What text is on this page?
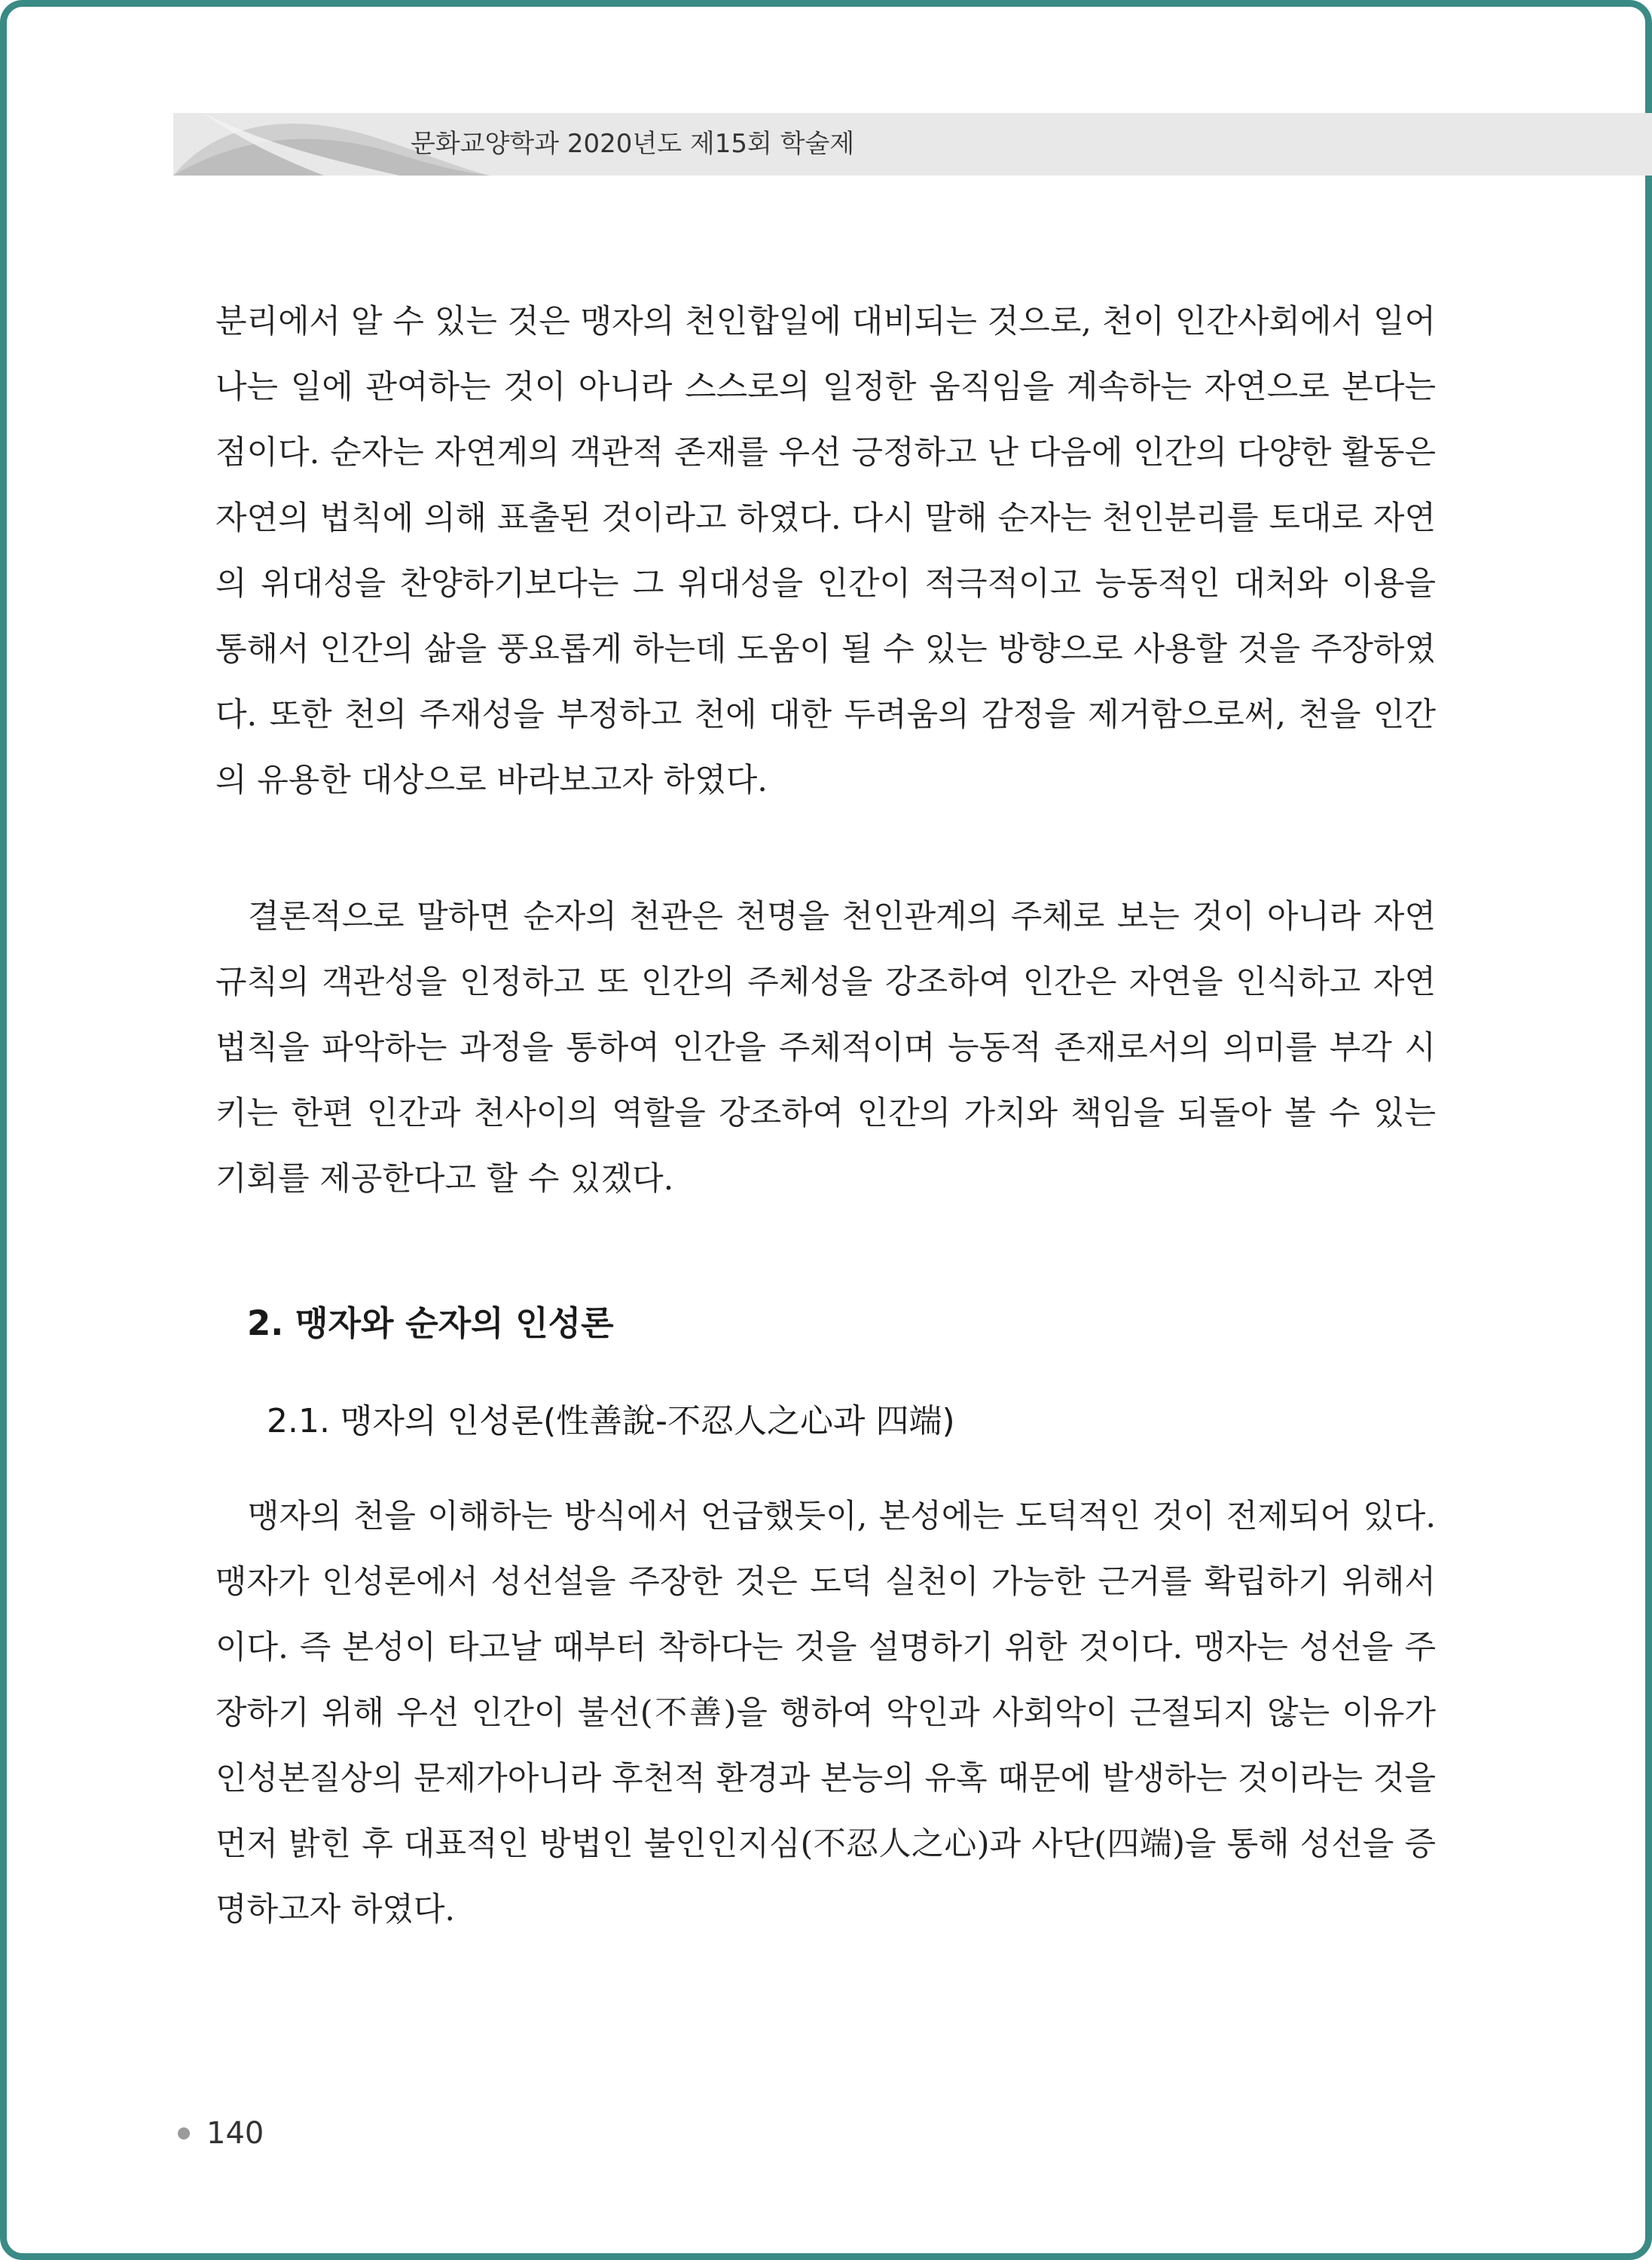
문화교양학과 2020년도 제15회 학술제
분리에서 알 수 있는 것은 맹자의 천인합일에 대비되는 것으로, 천이 인간사회에서 일어나는 일에 관여하는 것이 아니라 스스로의 일정한 움직임을 계속하는 자연으로 본다는 점이다. 순자는 자연계의 객관적 존재를 우선 긍정하고 난 다음에 인간의 다양한 활동은 자연의 법칙에 의해 표출된 것이라고 하였다. 다시 말해 순자는 천인분리를 토대로 자연의 위대성을 찬양하기보다는 그 위대성을 인간이 적극적이고 능동적인 대처와 이용을 통해서 인간의 삶을 풍요롭게 하는데 도움이 될 수 있는 방향으로 사용할 것을 주장하였다. 또한 천의 주재성을 부정하고 천에 대한 두려움의 감정을 제거함으로써, 천을 인간의 유용한 대상으로 바라보고자 하였다.
결론적으로 말하면 순자의 천관은 천명을 천인관계의 주체로 보는 것이 아니라 자연규칙의 객관성을 인정하고 또 인간의 주체성을 강조하여 인간은 자연을 인식하고 자연법칙을 파악하는 과정을 통하여 인간을 주체적이며 능동적 존재로서의 의미를 부각 시키는 한편 인간과 천사이의 역할을 강조하여 인간의 가치와 책임을 되돌아 볼 수 있는 기회를 제공한다고 할 수 있겠다.
2. 맹자와 순자의 인성론
2.1. 맹자의 인성론(性善說-不忍人之心과 四端)
맹자의 천을 이해하는 방식에서 언급했듯이, 본성에는 도덕적인 것이 전제되어 있다. 맹자가 인성론에서 성선설을 주장한 것은 도덕 실천이 가능한 근거를 확립하기 위해서이다. 즉 본성이 타고날 때부터 착하다는 것을 설명하기 위한 것이다. 맹자는 성선을 주장하기 위해 우선 인간이 불선(不善)을 행하여 악인과 사회악이 근절되지 않는 이유가 인성본질상의 문제가아니라 후천적 환경과 본능의 유혹 때문에 발생하는 것이라는 것을 먼저 밝힌 후 대표적인 방법인 불인인지심(不忍人之心)과 사단(四端)을 통해 성선을 증명하고자 하였다.
140
